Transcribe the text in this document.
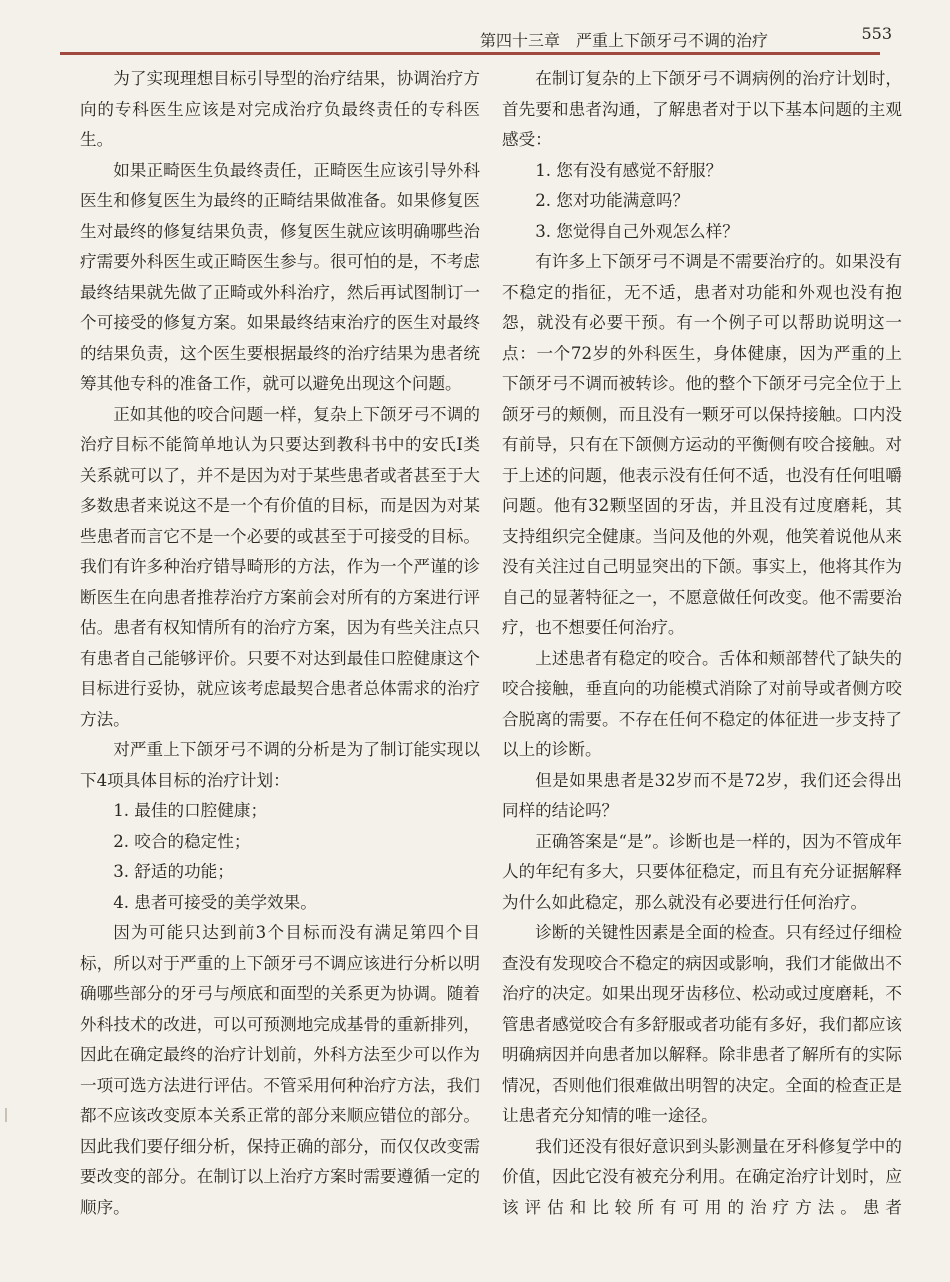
第四十三章　严重上下颌牙弓不调的治疗	553

为了实现理想目标引导型的治疗结果，协调治疗方向的专科医生应该是对完成治疗负最终责任的专科医生。

如果正畸医生负最终责任，正畸医生应该引导外科医生和修复医生为最终的正畸结果做准备。如果修复医生对最终的修复结果负责，修复医生就应该明确哪些治疗需要外科医生或正畸医生参与。很可怕的是，不考虑最终结果就先做了正畸或外科治疗，然后再试图制订一个可接受的修复方案。如果最终结束治疗的医生对最终的结果负责，这个医生要根据最终的治疗结果为患者统筹其他专科的准备工作，就可以避免出现这个问题。

正如其他的咬合问题一样，复杂上下颌牙弓不调的治疗目标不能简单地认为只要达到教科书中的安氏Ⅰ类关系就可以了，并不是因为对于某些患者或者甚至于大多数患者来说这不是一个有价值的目标，而是因为对某些患者而言它不是一个必要的或甚至于可接受的目标。我们有许多种治疗错㝵畸形的方法，作为一个严谨的诊断医生在向患者推荐治疗方案前会对所有的方案进行评估。患者有权知情所有的治疗方案，因为有些关注点只有患者自己能够评价。只要不对达到最佳口腔健康这个目标进行妥协，就应该考虑最契合患者总体需求的治疗方法。

对严重上下颌牙弓不调的分析是为了制订能实现以下4项具体目标的治疗计划：

1. 最佳的口腔健康；

2. 咬合的稳定性；

3. 舒适的功能；

4. 患者可接受的美学效果。

因为可能只达到前3个目标而没有满足第四个目标，所以对于严重的上下颌牙弓不调应该进行分析以明确哪些部分的牙弓与颅底和面型的关系更为协调。随着外科技术的改进，可以可预测地完成基骨的重新排列，因此在确定最终的治疗计划前，外科方法至少可以作为一项可选方法进行评估。不管采用何种治疗方法，我们都不应该改变原本关系正常的部分来顺应错位的部分。因此我们要仔细分析，保持正确的部分，而仅仅改变需要改变的部分。在制订以上治疗方案时需要遵循一定的顺序。

在制订复杂的上下颌牙弓不调病例的治疗计划时，首先要和患者沟通，了解患者对于以下基本问题的主观感受：

1. 您有没有感觉不舒服？

2. 您对功能满意吗？

3. 您觉得自己外观怎么样？

有许多上下颌牙弓不调是不需要治疗的。如果没有不稳定的指征，无不适，患者对功能和外观也没有抱怨，就没有必要干预。有一个例子可以帮助说明这一点：一个72岁的外科医生，身体健康，因为严重的上下颌牙弓不调而被转诊。他的整个下颌牙弓完全位于上颌牙弓的颊侧，而且没有一颗牙可以保持接触。口内没有前导，只有在下颌侧方运动的平衡侧有咬合接触。对于上述的问题，他表示没有任何不适，也没有任何咀嚼问题。他有32颗坚固的牙齿，并且没有过度磨耗，其支持组织完全健康。当问及他的外观，他笑着说他从来没有关注过自己明显突出的下颌。事实上，他将其作为自己的显著特征之一，不愿意做任何改变。他不需要治疗，也不想要任何治疗。

上述患者有稳定的咬合。舌体和颊部替代了缺失的咬合接触，垂直向的功能模式消除了对前导或者侧方咬合脱离的需要。不存在任何不稳定的体征进一步支持了以上的诊断。

但是如果患者是32岁而不是72岁，我们还会得出同样的结论吗？

正确答案是“是”。诊断也是一样的，因为不管成年人的年纪有多大，只要体征稳定，而且有充分证据解释为什么如此稳定，那么就没有必要进行任何治疗。

诊断的关键性因素是全面的检查。只有经过仔细检查没有发现咬合不稳定的病因或影响，我们才能做出不治疗的决定。如果出现牙齿移位、松动或过度磨耗，不管患者感觉咬合有多舒服或者功能有多好，我们都应该明确病因并向患者加以解释。除非患者了解所有的实际情况，否则他们很难做出明智的决定。全面的检查正是让患者充分知情的唯一途径。

我们还没有很好意识到头影测量在牙科修复学中的价值，因此它没有被充分利用。在确定治疗计划时，应该评估和比较所有可用的治疗方法。患者
